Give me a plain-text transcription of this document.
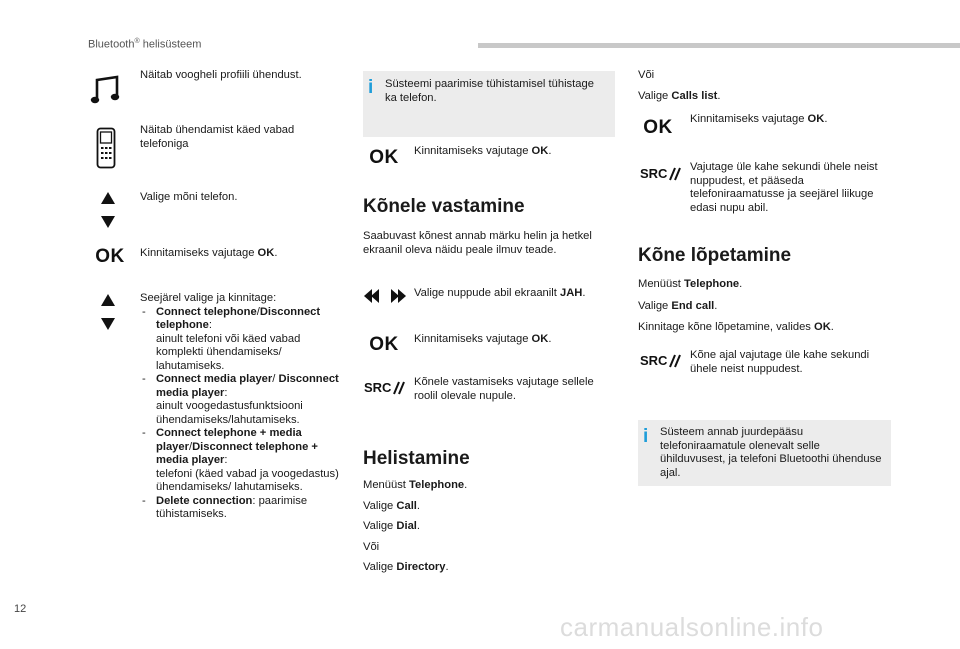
Bluetooth® helisüsteem
Näitab voogheli profiili ühendust.
Näitab ühendamist käed vabad telefoniga
Valige mõni telefon.
OK Kinnitamiseks vajutage OK.
Seejärel valige ja kinnitage:
- Connect telephone/Disconnect telephone:
ainult telefoni või käed vabad komplekti ühendamiseks/ lahutamiseks.
- Connect media player/ Disconnect media player:
ainult voogedastusfunktsiooni ühendamiseks/lahutamiseks.
- Connect telephone + media player/Disconnect telephone + media player:
telefoni (käed vabad ja voogedastus) ühendamiseks/ lahutamiseks.
- Delete connection: paarimise tühistamiseks.
i Süsteemi paarimise tühistamisel tühistage ka telefon.
OK Kinnitamiseks vajutage OK.
Kõnele vastamine
Saabuvast kõnest annab märku helin ja hetkel ekraanil oleva näidu peale ilmuv teade.
Valige nuppude abil ekraanilt JAH.
OK Kinnitamiseks vajutage OK.
SRC Kõnele vastamiseks vajutage sellele roolil olevale nupule.
Helistamine
Menüüst Telephone.
Valige Call.
Valige Dial.
Või
Valige Directory.
Või
Valige Calls list.
OK Kinnitamiseks vajutage OK.
SRC Vajutage üle kahe sekundi ühele neist nuppudest, et pääseda telefoniraamatusse ja seejärel liikuge edasi nupu abil.
Kõne lõpetamine
Menüüst Telephone.
Valige End call.
Kinnitage kõne lõpetamine, valides OK.
SRC Kõne ajal vajutage üle kahe sekundi ühele neist nuppudest.
i Süsteem annab juurdepääsu telefoniraamatule olenevalt selle ühilduvusest, ja telefoni Bluetoothi ühenduse ajal.
12
carmanualsonline.info
